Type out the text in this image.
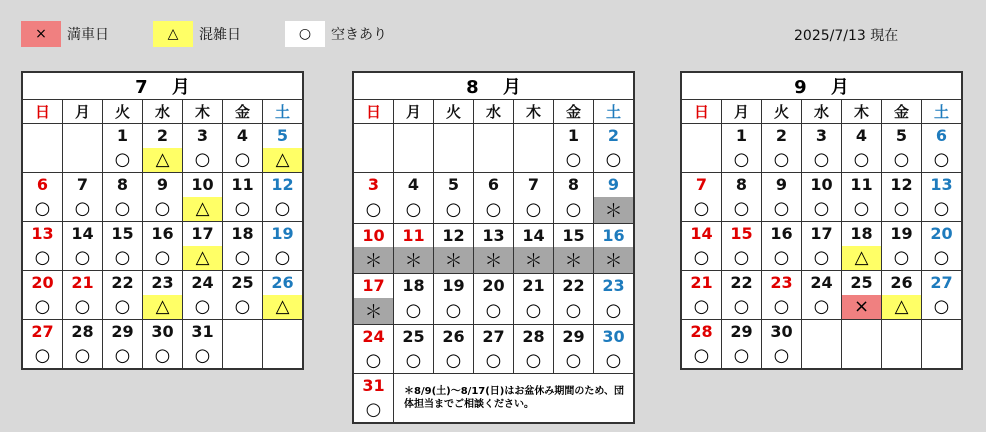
×	満車日	△	混雑日	○	空きあり	2025/7/13 現在
7　 月						
日	月	火	水	木	金	土
		1	2	3	4	5
		○	△	○	○	△
6	7	8	9	10	11	12
○	○	○	○	△	○	○
13	14	15	16	17	18	19
○	○	○	○	△	○	○
20	21	22	23	24	25	26
○	○	○	△	○	○	△
27	28	29	30	31		
○	○	○	○	○		
8　 月						
日	月	火	水	木	金	土
					1	2
					○	○
3	4	5	6	7	8	9
○	○	○	○	○	○	＊
10	11	12	13	14	15	16
＊	＊	＊	＊	＊	＊	＊
17	18	19	20	21	22	23
＊	○	○	○	○	○	○
24	25	26	27	28	29	30
○	○	○	○	○	○	○

31
○	＊8/9(土)～8/17(日)はお盆休み期間のため、団体担当までご相談ください。					
9　 月						
日	月	火	水	木	金	土
	1	2	3	4	5	6
	○	○	○	○	○	○
7	8	9	10	11	12	13
○	○	○	○	○	○	○
14	15	16	17	18	19	20
○	○	○	○	△	○	○
21	22	23	24	25	26	27
○	○	○	○	×	△	○
28	29	30				
○	○	○				
